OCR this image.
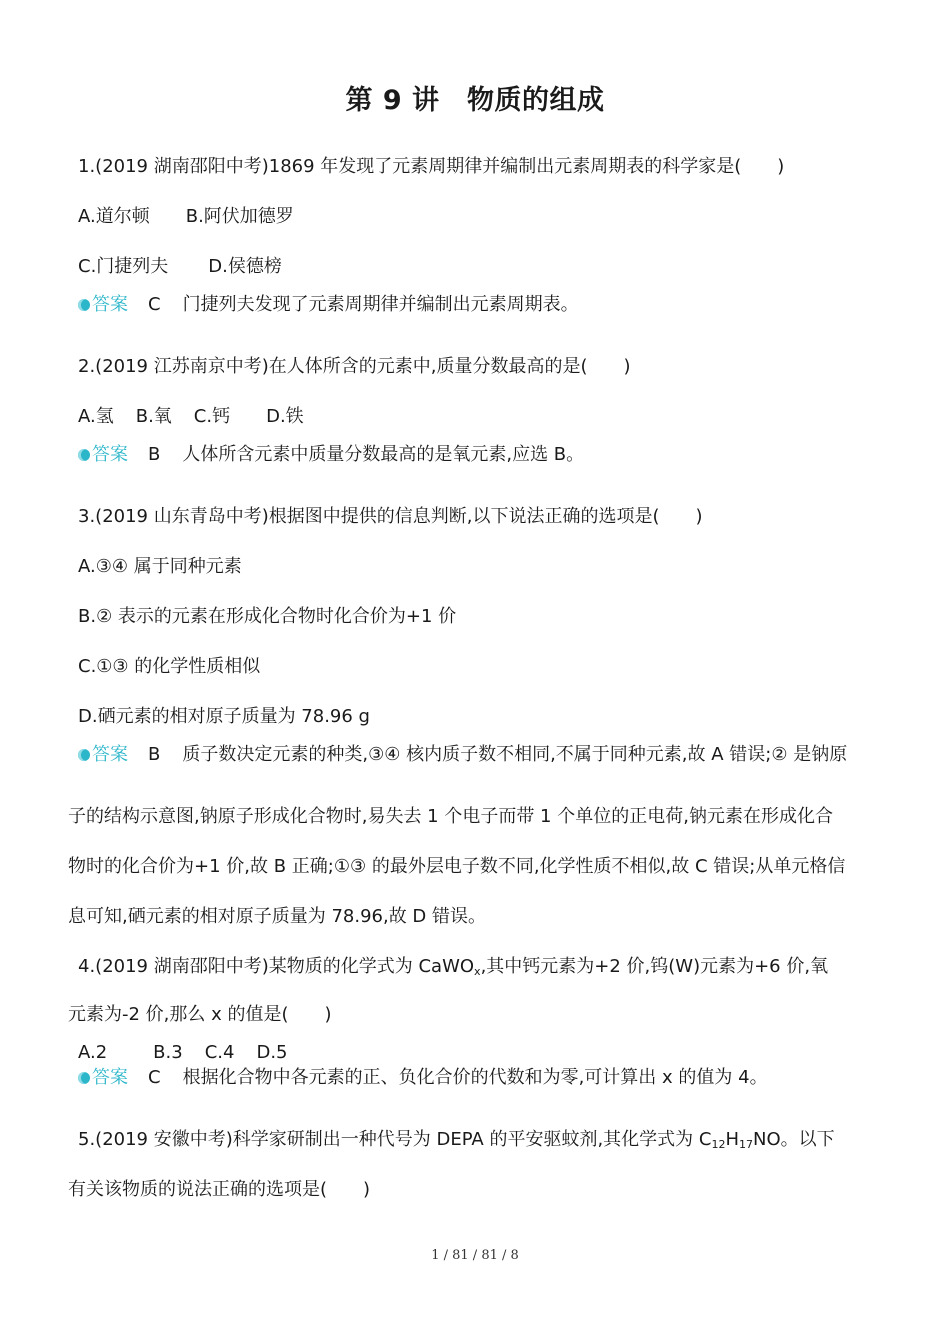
第 9 讲　物质的组成
1.(2019 湖南邵阳中考)1869 年发现了元素周期律并编制出元素周期表的科学家是(　　)
A.道尔顿 B.阿伏加德罗
C.门捷列夫 D.侯德榜
答案 C 门捷列夫发现了元素周期律并编制出元素周期表。
2.(2019 江苏南京中考)在人体所含的元素中,质量分数最高的是(　　)
A.氢 B.氧 C.钙 D.铁
答案 B 人体所含元素中质量分数最高的是氧元素,应选 B。
3.(2019 山东青岛中考)根据图中提供的信息判断,以下说法正确的选项是(　　)
A.③④ 属于同种元素
B.② 表示的元素在形成化合物时化合价为+1 价
C.①③ 的化学性质相似
D.硒元素的相对原子质量为 78.96 g
答案 B 质子数决定元素的种类,③④ 核内质子数不相同,不属于同种元素,故 A 错误;② 是钠原
子的结构示意图,钠原子形成化合物时,易失去 1 个电子而带 1 个单位的正电荷,钠元素在形成化合
物时的化合价为+1 价,故 B 正确;①③ 的最外层电子数不同,化学性质不相似,故 C 错误;从单元格信
息可知,硒元素的相对原子质量为 78.96,故 D 错误。
4.(2019 湖南邵阳中考)某物质的化学式为 CaWO$_x$,其中钙元素为+2 价,钨(W)元素为+6 价,氧
元素为-2 价,那么 x 的值是(　　)
A.2	B.3 C.4 D.5
答案 C 根据化合物中各元素的正、负化合价的代数和为零,可计算出 x 的值为 4。
5.(2019 安徽中考)科学家研制出一种代号为 DEPA 的平安驱蚊剂,其化学式为 $C_{12}H_{17}NO$。以下
有关该物质的说法正确的选项是(　　)
1 / 81 / 81 / 8
